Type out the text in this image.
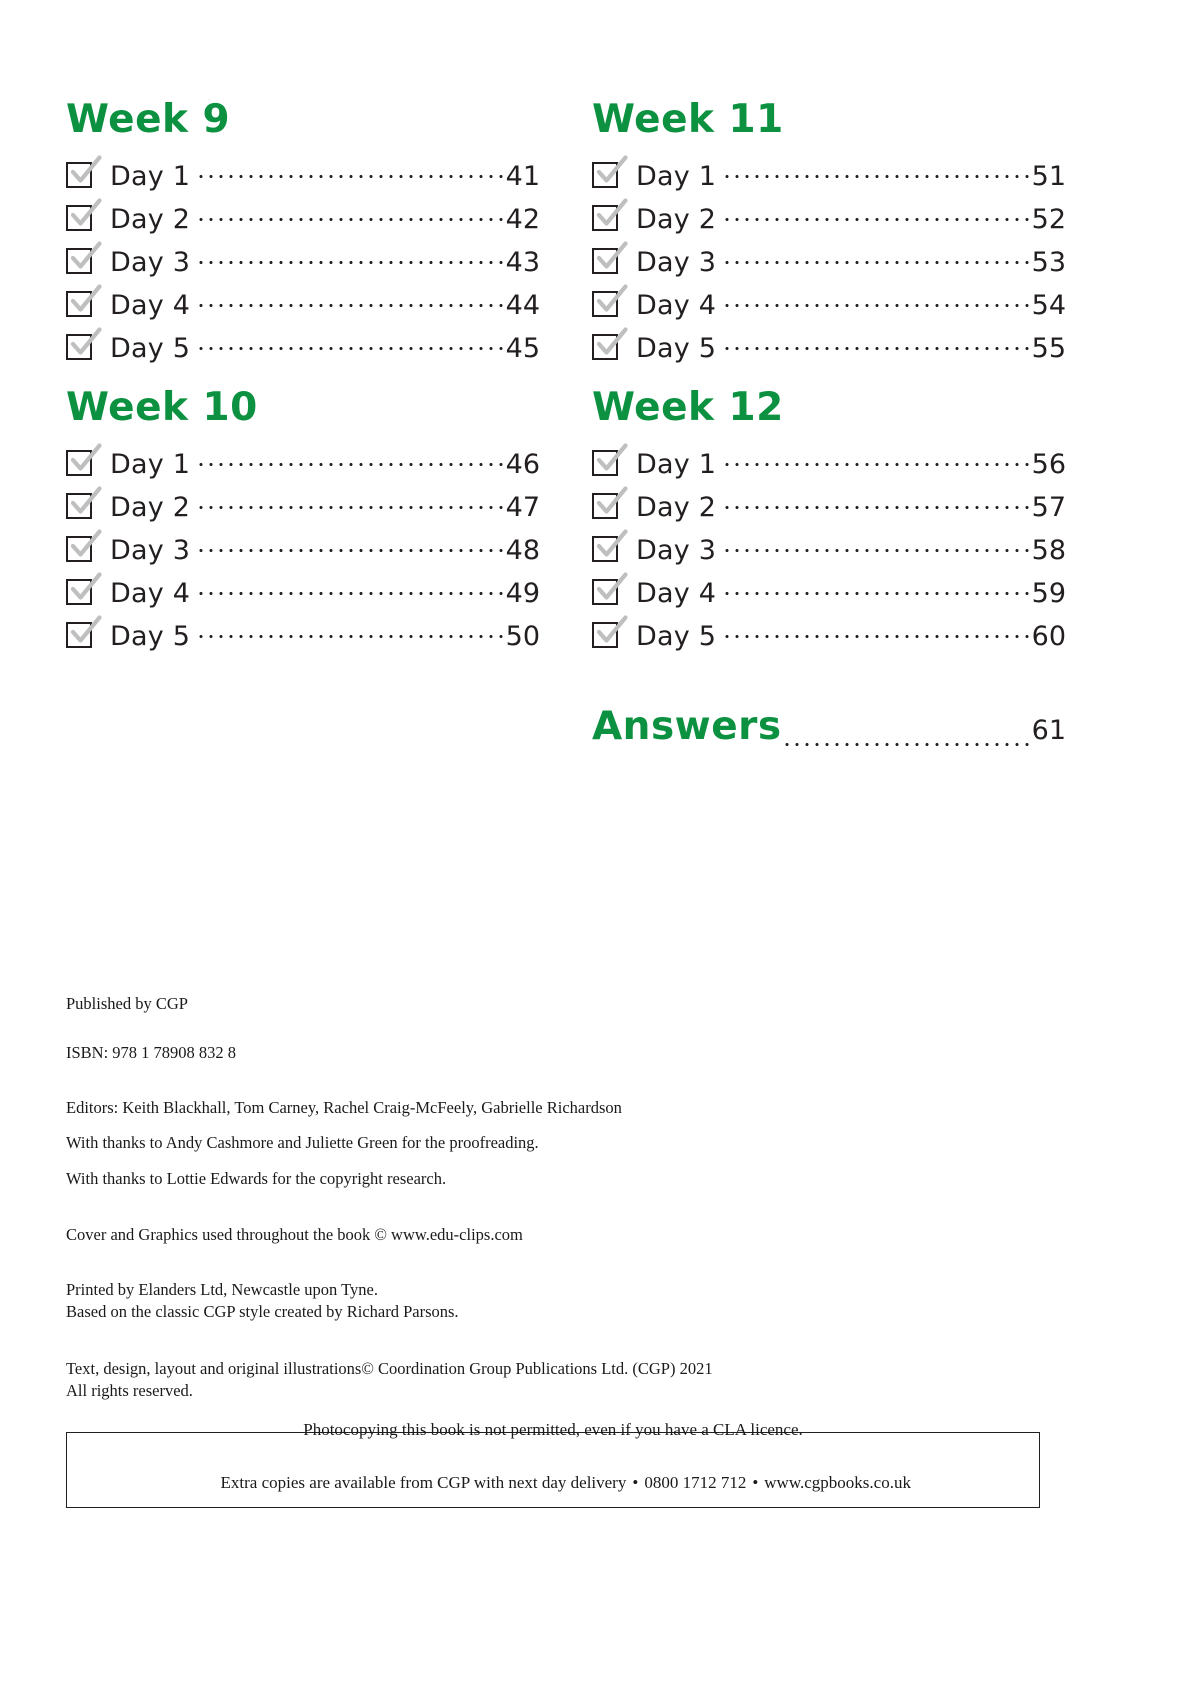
Week 9
Day 1	41
Day 2	42
Day 3	43
Day 4	44
Day 5	45
Week 10
Day 1	46
Day 2	47
Day 3	48
Day 4	49
Day 5	50
Week 11
Day 1	51
Day 2	52
Day 3	53
Day 4	54
Day 5	55
Week 12
Day 1	56
Day 2	57
Day 3	58
Day 4	59
Day 5	60
Answers	61

Published by CGP

ISBN: 978 1 78908 832 8

Editors: Keith Blackhall, Tom Carney, Rachel Craig-McFeely, Gabrielle Richardson

With thanks to Andy Cashmore and Juliette Green for the proofreading.

With thanks to Lottie Edwards for the copyright research.

Cover and Graphics used throughout the book © www.edu-clips.com

Printed by Elanders Ltd, Newcastle upon Tyne.

Based on the classic CGP style created by Richard Parsons.

Text, design, layout and original illustrations© Coordination Group Publications Ltd. (CGP) 2021

All rights reserved.

Photocopying this book is not permitted, even if you have a CLA licence.

Extra copies are available from CGP with next day delivery • 0800 1712 712 • www.cgpbooks.co.uk
